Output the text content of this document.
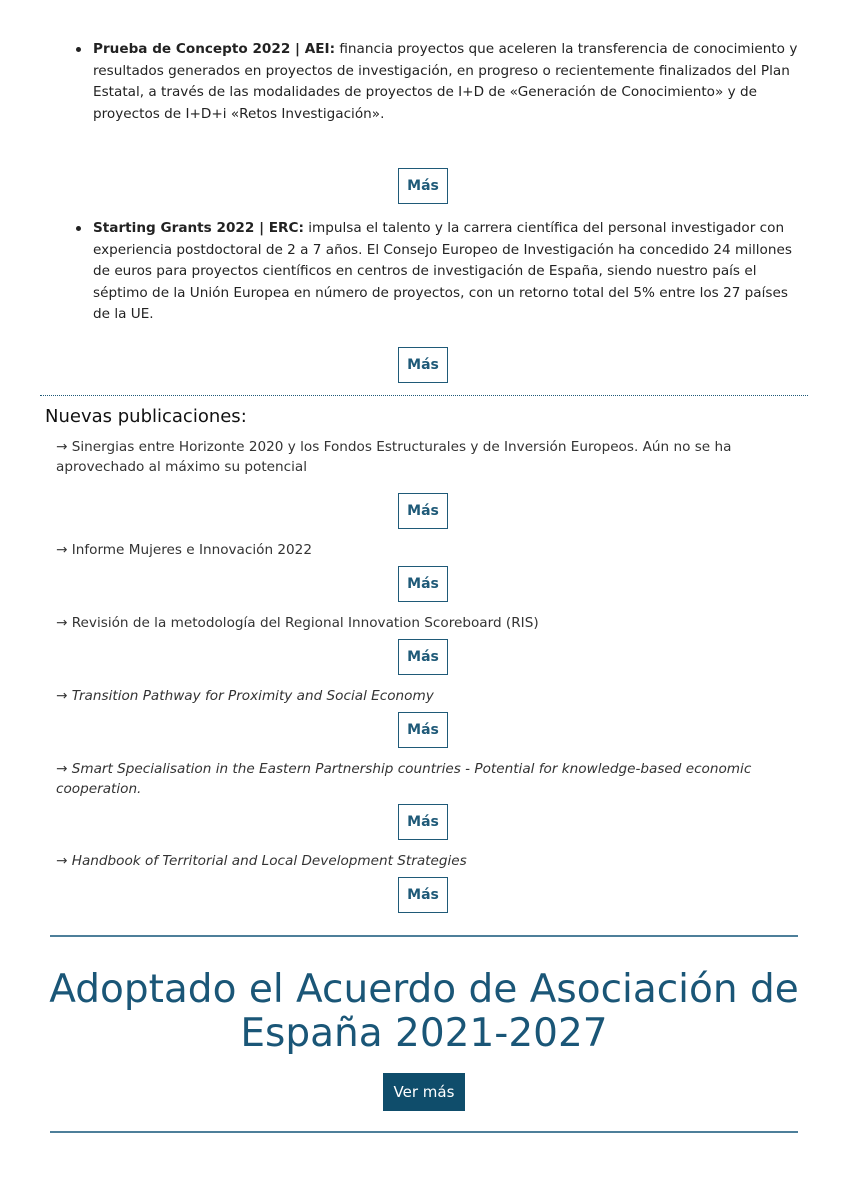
Prueba de Concepto 2022 | AEI: financia proyectos que aceleren la transferencia de conocimiento y resultados generados en proyectos de investigación, en progreso o recientemente finalizados del Plan Estatal, a través de las modalidades de proyectos de I+D de «Generación de Conocimiento» y de proyectos de I+D+i «Retos Investigación».
Más
Starting Grants 2022 | ERC: impulsa el talento y la carrera científica del personal investigador con experiencia postdoctoral de 2 a 7 años. El Consejo Europeo de Investigación ha concedido 24 millones de euros para proyectos científicos en centros de investigación de España, siendo nuestro país el séptimo de la Unión Europea en número de proyectos, con un retorno total del 5% entre los 27 países de la UE.
Más
Nuevas publicaciones:
→ Sinergias entre Horizonte 2020 y los Fondos Estructurales y de Inversión Europeos. Aún no se ha aprovechado al máximo su potencial
Más
→ Informe Mujeres e Innovación 2022
Más
→ Revisión de la metodología del Regional Innovation Scoreboard (RIS)
Más
→ Transition Pathway for Proximity and Social Economy
Más
→ Smart Specialisation in the Eastern Partnership countries - Potential for knowledge-based economic cooperation.
Más
→ Handbook of Territorial and Local Development Strategies
Más
Adoptado el Acuerdo de Asociación de España 2021-2027
Ver más
